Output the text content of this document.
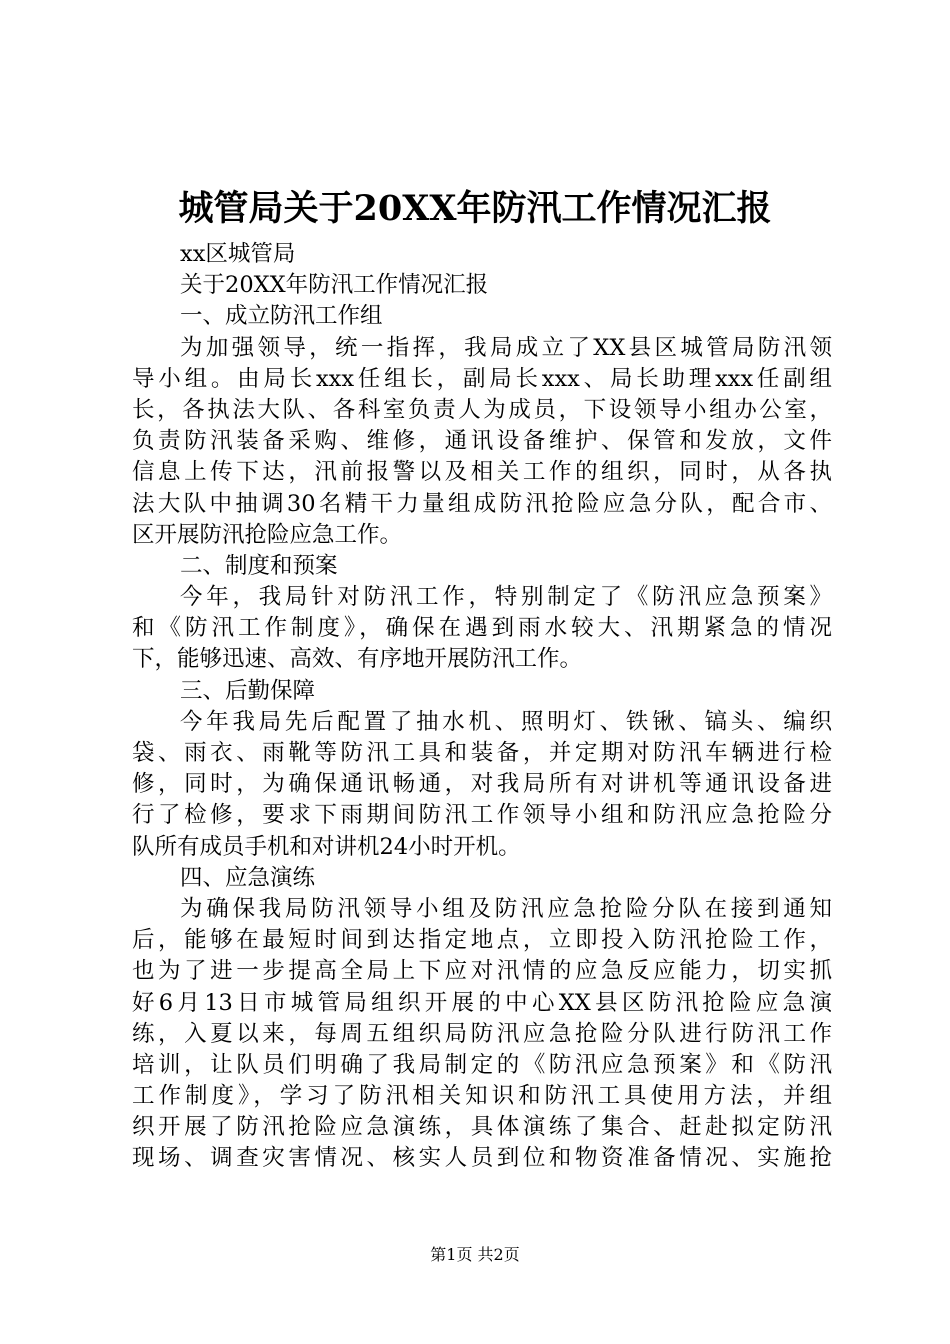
城管局关于20XX年防汛工作情况汇报
xx区城管局
关于20XX年防汛工作情况汇报
一、成立防汛工作组
为加强领导，统一指挥，我局成立了XX县区城管局防汛领
导小组。由局长xxx任组长，副局长xxx、局长助理xxx任副组
长，各执法大队、各科室负责人为成员，下设领导小组办公室，
负责防汛装备采购、维修，通讯设备维护、保管和发放，文件
信息上传下达，汛前报警以及相关工作的组织，同时，从各执
法大队中抽调30名精干力量组成防汛抢险应急分队，配合市、
区开展防汛抢险应急工作。
二、制度和预案
今年，我局针对防汛工作，特别制定了《防汛应急预案》
和《防汛工作制度》，确保在遇到雨水较大、汛期紧急的情况
下，能够迅速、高效、有序地开展防汛工作。
三、后勤保障
今年我局先后配置了抽水机、照明灯、铁锹、镐头、编织
袋、雨衣、雨靴等防汛工具和装备，并定期对防汛车辆进行检
修，同时，为确保通讯畅通，对我局所有对讲机等通讯设备进
行了检修，要求下雨期间防汛工作领导小组和防汛应急抢险分
队所有成员手机和对讲机24小时开机。
四、应急演练
为确保我局防汛领导小组及防汛应急抢险分队在接到通知
后，能够在最短时间到达指定地点，立即投入防汛抢险工作，
也为了进一步提高全局上下应对汛情的应急反应能力，切实抓
好6月13日市城管局组织开展的中心XX县区防汛抢险应急演
练，入夏以来，每周五组织局防汛应急抢险分队进行防汛工作
培训，让队员们明确了我局制定的《防汛应急预案》和《防汛
工作制度》，学习了防汛相关知识和防汛工具使用方法，并组
织开展了防汛抢险应急演练，具体演练了集合、赶赴拟定防汛
现场、调查灾害情况、核实人员到位和物资准备情况、实施抢
第1页 共2页
